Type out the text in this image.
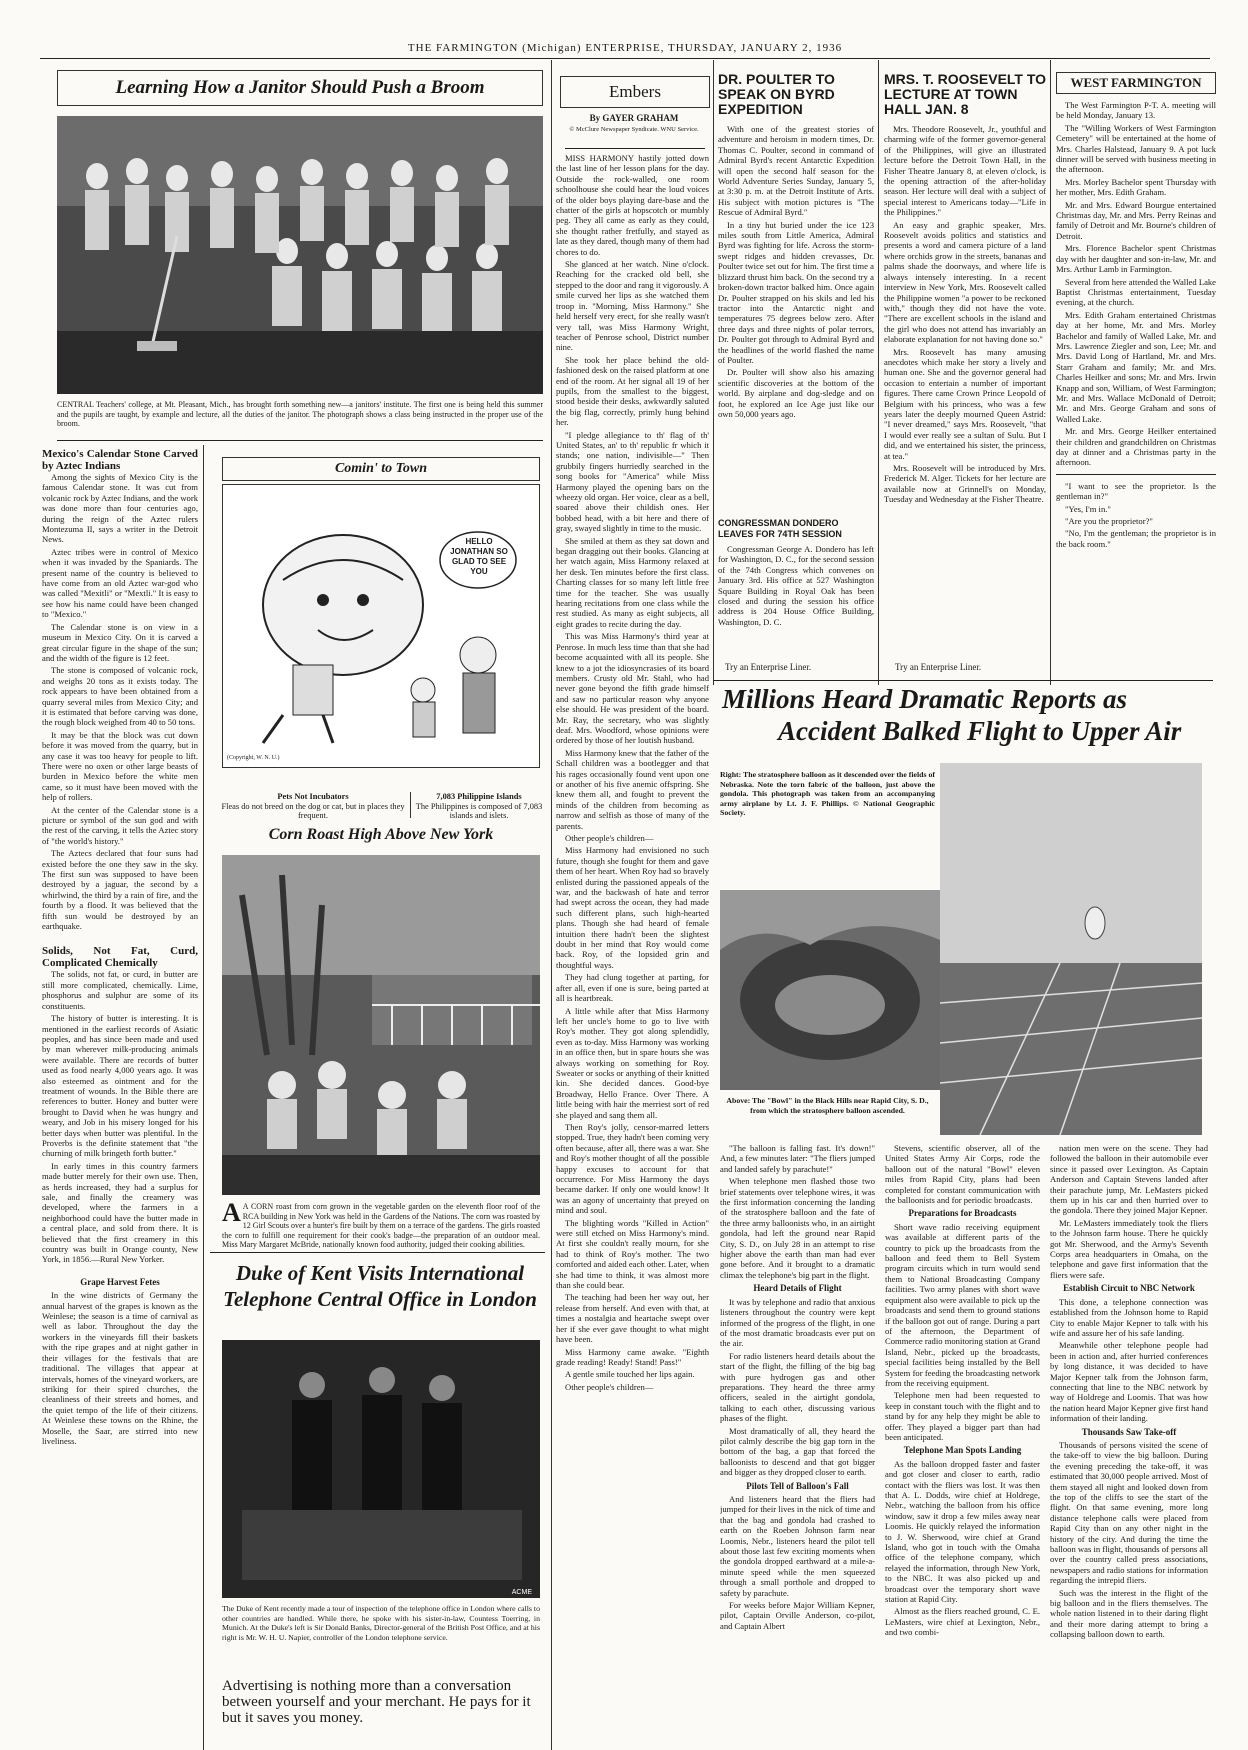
THE FARMINGTON (Michigan) ENTERPRISE, THURSDAY, JANUARY 2, 1936
Learning How a Janitor Should Push a Broom
CENTRAL Teachers' college, at Mt. Pleasant, Mich., has brought forth something new—a janitors' institute. The first one is being held this summer and the pupils are taught, by example and lecture, all the duties of the janitor. The photograph shows a class being instructed in the proper use of the broom.
Mexico's Calendar Stone Carved by Aztec Indians

Among the sights of Mexico City is the famous Calendar stone. It was cut from volcanic rock by Aztec Indians, and the work was done more than four centuries ago, during the reign of the Aztec rulers Montezuma II, says a writer in the Detroit News.

Aztec tribes were in control of Mexico when it was invaded by the Spaniards. The present name of the country is believed to have come from an old Aztec war-god who was called "Mexitli" or "Mextli." It is easy to see how his name could have been changed to "Mexico."

The Calendar stone is on view in a museum in Mexico City. On it is carved a great circular figure in the shape of the sun; and the width of the figure is 12 feet.

The stone is composed of volcanic rock, and weighs 20 tons as it exists today. The rock appears to have been obtained from a quarry several miles from Mexico City; and it is estimated that before carving was done, the rough block weighed from 40 to 50 tons.

It may be that the block was cut down before it was moved from the quarry, but in any case it was too heavy for people to lift. There were no oxen or other large beasts of burden in Mexico before the white men came, so it must have been moved with the help of rollers.

At the center of the Calendar stone is a picture or symbol of the sun god and with the rest of the carving, it tells the Aztec story of "the world's history."

The Aztecs declared that four suns had existed before the one they saw in the sky. The first sun was supposed to have been destroyed by a jaguar, the second by a whirlwind, the third by a rain of fire, and the fourth by a flood. It was believed that the fifth sun would be destroyed by an earthquake.

Solids, Not Fat, Curd, Complicated Chemically

The solids, not fat, or curd, in butter are still more complicated, chemically. Lime, phosphorus and sulphur are some of its constituents.

The history of butter is interesting. It is mentioned in the earliest records of Asiatic peoples, and has since been made and used by man wherever milk-producing animals were available. There are records of butter used as food nearly 4,000 years ago. It was also esteemed as ointment and for the treatment of wounds. In the Bible there are references to butter. Honey and butter were brought to David when he was hungry and weary, and Job in his misery longed for his better days when butter was plentiful. In the Proverbs is the definite statement that "the churning of milk bringeth forth butter."

In early times in this country farmers made butter merely for their own use. Then, as herds increased, they had a surplus for sale, and finally the creamery was developed, where the farmers in a neighborhood could have the butter made in a central place, and sold from there. It is believed that the first creamery in this country was built in Orange county, New York, in 1856.—Rural New Yorker.

Grape Harvest Fetes

In the wine districts of Germany the annual harvest of the grapes is known as the Weinlese; the season is a time of carnival as well as labor. Throughout the day the workers in the vineyards fill their baskets with the ripe grapes and at night gather in their villages for the festivals that are traditional. The villages that appear at intervals, homes of the vineyard workers, are striking for their spired churches, the cleanliness of their streets and homes, and the quiet tempo of the life of their citizens. At Weinlese these towns on the Rhine, the Moselle, the Saar, are stirred into new liveliness.

Comin' to Town
HELLO JONATHAN SO GLAD TO SEE YOU
(Copyright, W. N. U.)
Pets Not Incubators
Fleas do not breed on the dog or cat, but in places they frequent.
7,083 Philippine Islands
The Philippines is composed of 7,083 islands and islets.
Corn Roast High Above New York
A A CORN roast from corn grown in the vegetable garden on the eleventh floor roof of the RCA building in New York was held in the Gardens of the Nations. The corn was roasted by 12 Girl Scouts over a hunter's fire built by them on a terrace of the gardens. The girls roasted the corn to fulfill one requirement for their cook's badge—the preparation of an outdoor meal. Miss Mary Margaret McBride, nationally known food authority, judged their cooking abilities.
Duke of Kent Visits International Telephone Central Office in London
ACME
The Duke of Kent recently made a tour of inspection of the telephone office in London where calls to other countries are handled. While there, he spoke with his sister-in-law, Countess Toerring, in Munich. At the Duke's left is Sir Donald Banks, Director-general of the British Post Office, and at his right is Mr. W. H. U. Napier, controller of the London telephone service.
Advertising is nothing more than a conversation between yourself and your merchant. He pays for it but it saves you money.
Embers
By GAYER GRAHAM
© McClure Newspaper Syndicate. WNU Service.

MISS HARMONY hastily jotted down the last line of her lesson plans for the day. Outside the rock-walled, one room schoolhouse she could hear the loud voices of the older boys playing dare-base and the chatter of the girls at hopscotch or mumbly peg. They all came as early as they could, she thought rather fretfully, and stayed as late as they dared, though many of them had chores to do.

She glanced at her watch. Nine o'clock. Reaching for the cracked old bell, she stepped to the door and rang it vigorously. A smile curved her lips as she watched them troop in. "Morning, Miss Harmony." She held herself very erect, for she really wasn't very tall, was Miss Harmony Wright, teacher of Penrose school, District number nine.

She took her place behind the old-fashioned desk on the raised platform at one end of the room. At her signal all 19 of her pupils, from the smallest to the biggest, stood beside their desks, awkwardly saluted the big flag, correctly, primly hung behind her.

"I pledge allegiance to th' flag of th' United States, an' to th' republic fr which it stands; one nation, indivisible—" Then grubbily fingers hurriedly searched in the song books for "America" while Miss Harmony played the opening bars on the wheezy old organ. Her voice, clear as a bell, soared above their childish ones. Her bobbed head, with a bit here and there of gray, swayed slightly in time to the music.

She smiled at them as they sat down and began dragging out their books. Glancing at her watch again, Miss Harmony relaxed at her desk. Ten minutes before the first class. Charting classes for so many left little free time for the teacher. She was usually hearing recitations from one class while the rest studied. As many as eight subjects, all eight grades to recite during the day.

This was Miss Harmony's third year at Penrose. In much less time than that she had become acquainted with all its people. She knew to a jot the idiosyncrasies of its board members. Crusty old Mr. Stahl, who had never gone beyond the fifth grade himself and saw no particular reason why anyone else should. He was president of the board. Mr. Ray, the secretary, who was slightly deaf. Mrs. Woodford, whose opinions were ordered by those of her loutish husband.

Miss Harmony knew that the father of the Schall children was a bootlegger and that his rages occasionally found vent upon one or another of his five anemic offspring. She knew them all, and fought to prevent the minds of the children from becoming as narrow and selfish as those of many of the parents.

Other people's children—

Miss Harmony had envisioned no such future, though she fought for them and gave them of her heart. When Roy had so bravely enlisted during the passioned appeals of the war, and the backwash of hate and terror had swept across the ocean, they had made such different plans, such high-hearted plans. Though she had heard of female intuition there hadn't been the slightest doubt in her mind that Roy would come back. Roy, of the lopsided grin and thoughtful ways.

They had clung together at parting, for after all, even if one is sure, being parted at all is heartbreak.

A little while after that Miss Harmony left her uncle's home to go to live with Roy's mother. They got along splendidly, even as to-day. Miss Harmony was working in an office then, but in spare hours she was always working on something for Roy. Sweater or socks or anything of their knitted kin. She decided dances. Good-bye Broadway, Hello France. Over There. A little being with hair the merriest sort of red she played and sang them all.

Then Roy's jolly, censor-marred letters stopped. True, they hadn't been coming very often because, after all, there was a war. She and Roy's mother thought of all the possible happy excuses to account for that occurrence. For Miss Harmony the days became darker. If only one would know! It was an agony of uncertainty that preyed on mind and soul.

The blighting words "Killed in Action" were still etched on Miss Harmony's mind. At first she couldn't really mourn, for she had to think of Roy's mother. The two comforted and aided each other. Later, when she had time to think, it was almost more than she could bear.

The teaching had been her way out, her release from herself. And even with that, at times a nostalgia and heartache swept over her if she ever gave thought to what might have been.

Miss Harmony came awake. "Eighth grade reading! Ready! Stand! Pass!"

A gentle smile touched her lips again.

Other people's children—

DR. POULTER TO SPEAK ON BYRD EXPEDITION

With one of the greatest stories of adventure and heroism in modern times, Dr. Thomas C. Poulter, second in command of Admiral Byrd's recent Antarctic Expedition will open the second half season for the World Adventure Series Sunday, January 5, at 3:30 p. m. at the Detroit Institute of Arts. His subject with motion pictures is "The Rescue of Admiral Byrd."

In a tiny hut buried under the ice 123 miles south from Little America, Admiral Byrd was fighting for life. Across the storm-swept ridges and hidden crevasses, Dr. Poulter twice set out for him. The first time a blizzard thrust him back. On the second try a broken-down tractor balked him. Once again Dr. Poulter strapped on his skils and led his tractor into the Antarctic night and temperatures 75 degrees below zero. After three days and three nights of polar terrors, Dr. Poulter got through to Admiral Byrd and the headlines of the world flashed the name of Poulter.

Dr. Poulter will show also his amazing scientific discoveries at the bottom of the world. By airplane and dog-sledge and on foot, he explored an Ice Age just like our own 50,000 years ago.

CONGRESSMAN DONDERO LEAVES FOR 74TH SESSION

Congressman George A. Dondero has left for Washington, D. C., for the second session of the 74th Congress which convenes on January 3rd. His office at 527 Washington Square Building in Royal Oak has been closed and during the session his office address is 204 House Office Building, Washington, D. C.

Try an Enterprise Liner.
MRS. T. ROOSEVELT TO LECTURE AT TOWN HALL JAN. 8

Mrs. Theodore Roosevelt, Jr., youthful and charming wife of the former governor-general of the Philippines, will give an illustrated lecture before the Detroit Town Hall, in the Fisher Theatre January 8, at eleven o'clock, is the opening attraction of the after-holiday season. Her lecture will deal with a subject of special interest to Americans today—"Life in the Philippines."

An easy and graphic speaker, Mrs. Roosevelt avoids politics and statistics and presents a word and camera picture of a land where orchids grow in the streets, bananas and palms shade the doorways, and where life is always intensely interesting. In a recent interview in New York, Mrs. Roosevelt called the Philippine women "a power to be reckoned with," though they did not have the vote. "There are excellent schools in the island and the girl who does not attend has invariably an elaborate explanation for not having done so."

Mrs. Roosevelt has many amusing anecdotes which make her story a lively and human one. She and the governor general had occasion to entertain a number of important figures. There came Crown Prince Leopold of Belgium with his princess, who was a few years later the deeply mourned Queen Astrid: "I never dreamed," says Mrs. Roosevelt, "that I would ever really see a sultan of Sulu. But I did, and we entertained his sister, the princess, at tea."

Mrs. Roosevelt will be introduced by Mrs. Frederick M. Alger. Tickets for her lecture are available now at Grinnell's on Monday, Tuesday and Wednesday at the Fisher Theatre.

Try an Enterprise Liner.
WEST FARMINGTON

The West Farmington P-T. A. meeting will be held Monday, January 13.

The "Willing Workers of West Farmington Cemetery" will be entertained at the home of Mrs. Charles Halstead, January 9. A pot luck dinner will be served with business meeting in the afternoon.

Mrs. Morley Bachelor spent Thursday with her mother, Mrs. Edith Graham.

Mr. and Mrs. Edward Bourgue entertained Christmas day, Mr. and Mrs. Perry Reinas and family of Detroit and Mr. Bourne's children of Detroit.

Mrs. Florence Bachelor spent Christmas day with her daughter and son-in-law, Mr. and Mrs. Arthur Lamb in Farmington.

Several from here attended the Walled Lake Baptist Christmas entertainment, Tuesday evening, at the church.

Mrs. Edith Graham entertained Christmas day at her home, Mr. and Mrs. Morley Bachelor and family of Walled Lake, Mr. and Mrs. Lawrence Ziegler and son, Lee; Mr. and Mrs. David Long of Hartland, Mr. and Mrs. Starr Graham and family; Mr. and Mrs. Charles Heilker and sons; Mr. and Mrs. Irwin Knapp and son, William, of West Farmington; Mr. and Mrs. Wallace McDonald of Detroit; Mr. and Mrs. George Graham and sons of Walled Lake.

Mr. and Mrs. George Heilker entertained their children and grandchildren on Christmas day at dinner and a Christmas party in the afternoon.

"I want to see the proprietor. Is the gentleman in?"

"Yes, I'm in."

"Are you the proprietor?"

"No, I'm the gentleman; the proprietor is in the back room."

Millions Heard Dramatic Reports as
Accident Balked Flight to Upper Air
Right: The stratosphere balloon as it descended over the fields of Nebraska. Note the torn fabric of the balloon, just above the gondola. This photograph was taken from an accompanying army airplane by Lt. J. F. Phillips. © National Geographic Society.
Above: The "Bowl" in the Black Hills near Rapid City, S. D., from which the stratosphere balloon ascended.

"The balloon is falling fast. It's down!" And, a few minutes later: "The fliers jumped and landed safely by parachute!"

When telephone men flashed those two brief statements over telephone wires, it was the first information concerning the landing of the stratosphere balloon and the fate of the three army balloonists who, in an airtight gondola, had left the ground near Rapid City, S. D., on July 28 in an attempt to rise higher above the earth than man had ever gone before. And it brought to a dramatic climax the telephone's big part in the flight.

Heard Details of Flight

It was by telephone and radio that anxious listeners throughout the country were kept informed of the progress of the flight, in one of the most dramatic broadcasts ever put on the air.

For radio listeners heard details about the start of the flight, the filling of the big bag with pure hydrogen gas and other preparations. They heard the three army officers, sealed in the airtight gondola, talking to each other, discussing various phases of the flight.

Most dramatically of all, they heard the pilot calmly describe the big gap torn in the bottom of the bag, a gap that forced the balloonists to descend and that got bigger and bigger as they dropped closer to earth.

Pilots Tell of Balloon's Fall

And listeners heard that the fliers had jumped for their lives in the nick of time and that the bag and gondola had crashed to earth on the Roeben Johnson farm near Loomis, Nebr., listeners heard the pilot tell about those last few exciting moments when the gondola dropped earthward at a mile-a-minute speed while the men squeezed through a small porthole and dropped to safety by parachute.

For weeks before Major William Kepner, pilot, Captain Orville Anderson, co-pilot, and Captain Albert

Stevens, scientific observer, all of the United States Army Air Corps, rode the balloon out of the natural "Bowl" eleven miles from Rapid City, plans had been completed for constant communication with the balloonists and for periodic broadcasts.

Preparations for Broadcasts

Short wave radio receiving equipment was available at different parts of the country to pick up the broadcasts from the balloon and feed them to Bell System program circuits which in turn would send them to National Broadcasting Company facilities. Two army planes with short wave equipment also were available to pick up the broadcasts and send them to ground stations if the balloon got out of range. During a part of the afternoon, the Department of Commerce radio monitoring station at Grand Island, Nebr., picked up the broadcasts, special facilities being installed by the Bell System for feeding the broadcasting network from the receiving equipment.

Telephone men had been requested to keep in constant touch with the flight and to stand by for any help they might be able to offer. They played a bigger part than had been anticipated.

Telephone Man Spots Landing

As the balloon dropped faster and faster and got closer and closer to earth, radio contact with the fliers was lost. It was then that A. L. Dodds, wire chief at Holdrege, Nebr., watching the balloon from his office window, saw it drop a few miles away near Loomis. He quickly relayed the information to J. W. Sherwood, wire chief at Grand Island, who got in touch with the Omaha office of the telephone company, which relayed the information, through New York, to the NBC. It was also picked up and broadcast over the temporary short wave station at Rapid City.

Almost as the fliers reached ground, C. E. LeMasters, wire chief at Lexington, Nebr., and two combi-

nation men were on the scene. They had followed the balloon in their automobile ever since it passed over Lexington. As Captain Anderson and Captain Stevens landed after their parachute jump, Mr. LeMasters picked them up in his car and then hurried over to the gondola. There they joined Major Kepner.

Mr. LeMasters immediately took the fliers to the Johnson farm house. There he quickly got Mr. Sherwood, and the Army's Seventh Corps area headquarters in Omaha, on the telephone and gave first information that the fliers were safe.

Establish Circuit to NBC Network

This done, a telephone connection was established from the Johnson home to Rapid City to enable Major Kepner to talk with his wife and assure her of his safe landing.

Meanwhile other telephone people had been in action and, after hurried conferences by long distance, it was decided to have Major Kepner talk from the Johnson farm, connecting that line to the NBC network by way of Holdrege and Loomis. That was how the nation heard Major Kepner give first hand information of their landing.

Thousands Saw Take-off

Thousands of persons visited the scene of the take-off to view the big balloon. During the evening preceding the take-off, it was estimated that 30,000 people arrived. Most of them stayed all night and looked down from the top of the cliffs to see the start of the flight. On that same evening, more long distance telephone calls were placed from Rapid City than on any other night in the history of the city. And during the time the balloon was in flight, thousands of persons all over the country called press associations, newspapers and radio stations for information regarding the intrepid fliers.

Such was the interest in the flight of the big balloon and in the fliers themselves. The whole nation listened in to their daring flight and their more daring attempt to bring a collapsing balloon down to earth.
